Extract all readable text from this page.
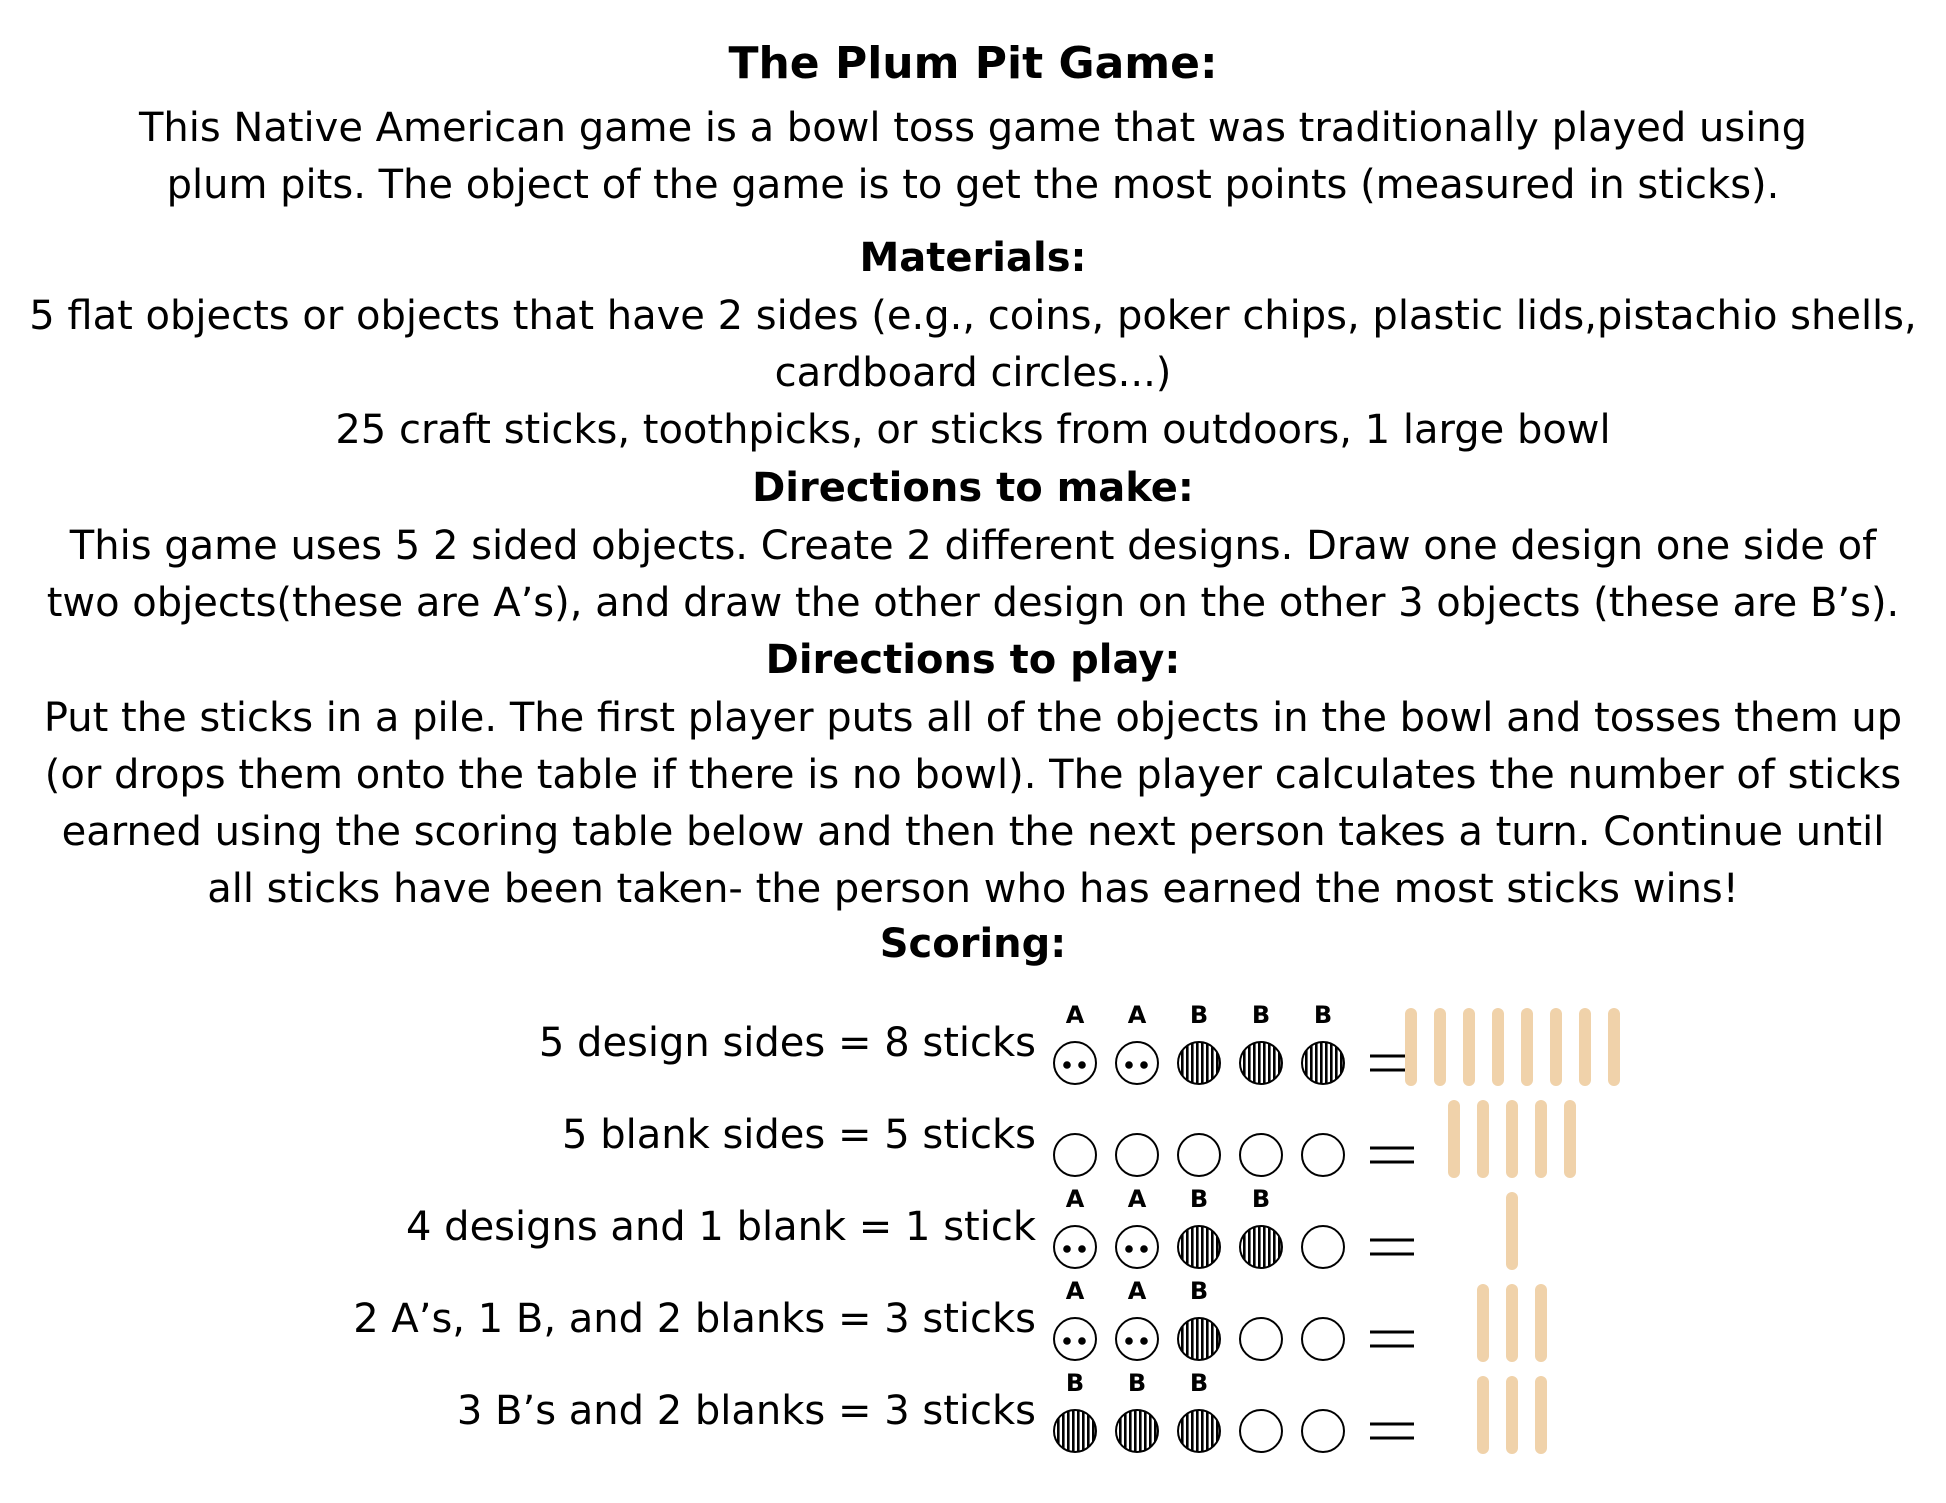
The Plum Pit Game:
This Native American game is a bowl toss game that was traditionally played using
plum pits. The object of the game is to get the most points (measured in sticks).
Materials:
5 flat objects or objects that have 2 sides (e.g., coins, poker chips, plastic lids,pistachio shells,
cardboard circles...)
25 craft sticks, toothpicks, or sticks from outdoors, 1 large bowl
Directions to make:
This game uses 5 2 sided objects. Create 2 different designs. Draw one design one side of
two objects(these are A’s), and draw the other design on the other 3 objects (these are B’s).
Directions to play:
Put the sticks in a pile. The first player puts all of the objects in the bowl and tosses them up
(or drops them onto the table if there is no bowl). The player calculates the number of sticks
earned using the scoring table below and then the next person takes a turn. Continue until
all sticks have been taken- the person who has earned the most sticks wins!
Scoring:
5 design sides = 8 sticks
A	A	B	B	B
5 blank sides = 5 sticks
4 designs and 1 blank = 1 stick
A	A	B	B
2 A’s, 1 B, and 2 blanks = 3 sticks
A	A	B
3 B’s and 2 blanks = 3 sticks
B	B	B
